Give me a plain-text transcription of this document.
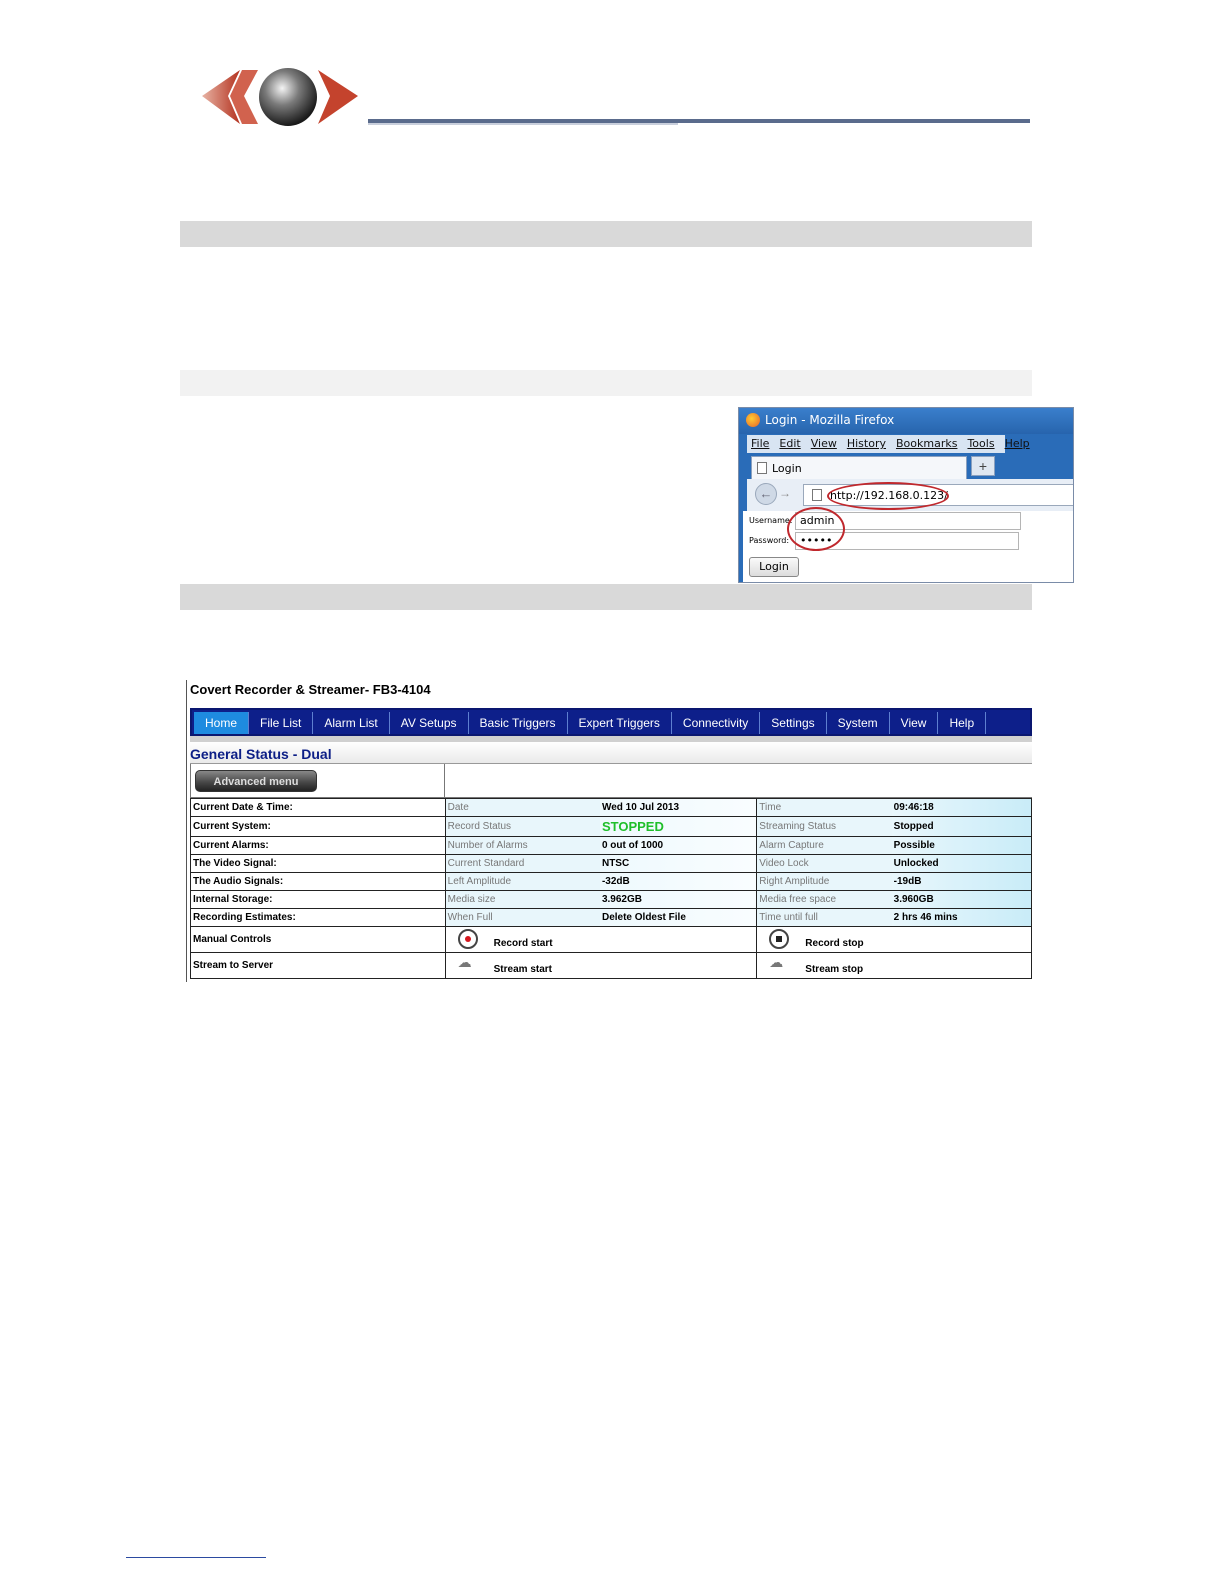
Login - Mozilla Firefox
File Edit View History Bookmarks Tools Help
Login	+
← →	http://192.168.0.123/
Username: admin
Password: •••••
Login
Covert Recorder & Streamer- FB3-4104
Home	File List	Alarm List	AV Setups	Basic Triggers	Expert Triggers	Connectivity	Settings	System	View	Help
General Status - Dual
Advanced menu
Current Date & Time:	Date	Wed 10 Jul 2013	Time	09:46:18
Current System:	Record Status	STOPPED	Streaming Status	Stopped
Current Alarms:	Number of Alarms	0 out of 1000	Alarm Capture	Possible
The Video Signal:	Current Standard	NTSC	Video Lock	Unlocked
The Audio Signals:	Left Amplitude	-32dB	Right Amplitude	-19dB
Internal Storage:	Media size	3.962GB	Media free space	3.960GB
Recording Estimates:	When Full	Delete Oldest File	Time until full	2 hrs 46 mins
Manual Controls	Record start		Record stop	

Stream to Server	☁ Stream start		☁ Stream stop	
